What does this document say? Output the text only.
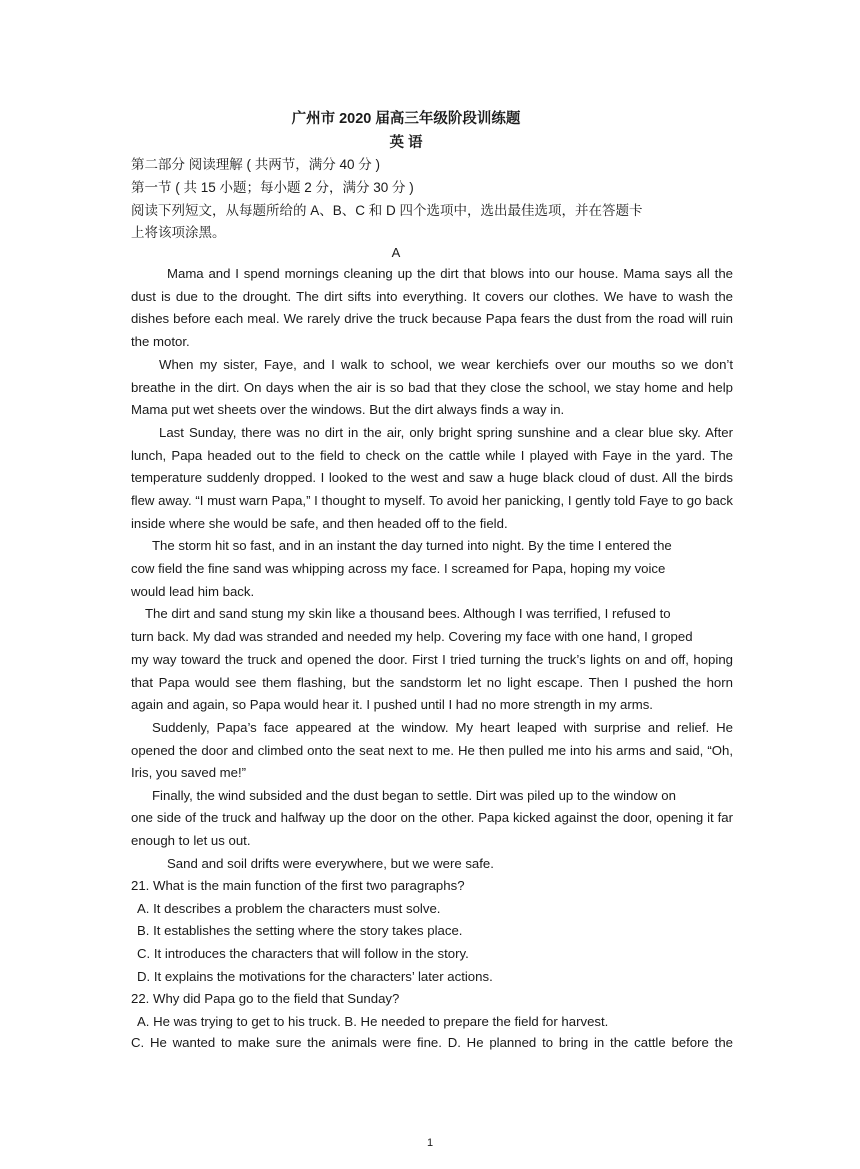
广州市 2020 届高三年级阶段训练题
英 语
第二部分 阅读理解 ( 共两节，满分 40 分 )
第一节 ( 共 15 小题；每小题 2 分，满分 30 分 )
阅读下列短文，从每题所给的 A、B、C 和 D 四个选项中，选出最佳选项，并在答题卡
上将该项涂黑。
A
Mama and I spend mornings cleaning up the dirt that blows into our house. Mama says all the dust is due to the drought. The dirt sifts into everything. It covers our clothes. We have to wash the dishes before each meal. We rarely drive the truck because Papa fears the dust from the road will ruin the motor.
When my sister, Faye, and I walk to school, we wear kerchiefs over our mouths so we don’t breathe in the dirt. On days when the air is so bad that they close the school, we stay home and help Mama put wet sheets over the windows. But the dirt always finds a way in.
Last Sunday, there was no dirt in the air, only bright spring sunshine and a clear blue sky. After lunch, Papa headed out to the field to check on the cattle while I played with Faye in the yard. The temperature suddenly dropped. I looked to the west and saw a huge black cloud of dust. All the birds flew away. “I must warn Papa,” I thought to myself. To avoid her panicking, I gently told Faye to go back inside where she would be safe, and then headed off to the field.
The storm hit so fast, and in an instant the day turned into night. By the time I entered the
cow field the fine sand was whipping across my face. I screamed for Papa, hoping my voice
would lead him back.
The dirt and sand stung my skin like a thousand bees. Although I was terrified, I refused to
turn back. My dad was stranded and needed my help. Covering my face with one hand, I groped
my way toward the truck and opened the door. First I tried turning the truck’s lights on and off, hoping that Papa would see them flashing, but the sandstorm let no light escape. Then I pushed the horn again and again, so Papa would hear it. I pushed until I had no more strength in my arms.
Suddenly, Papa’s face appeared at the window. My heart leaped with surprise and relief. He opened the door and climbed onto the seat next to me. He then pulled me into his arms and said, “Oh, Iris, you saved me!”
Finally, the wind subsided and the dust began to settle. Dirt was piled up to the window on
one side of the truck and halfway up the door on the other. Papa kicked against the door, opening it far enough to let us out.
Sand and soil drifts were everywhere, but we were safe.
21. What is the main function of the first two paragraphs?
A. It describes a problem the characters must solve.
B. It establishes the setting where the story takes place.
C. It introduces the characters that will follow in the story.
D. It explains the motivations for the characters’ later actions.
22. Why did Papa go to the field that Sunday?
A. He was trying to get to his truck. B. He needed to prepare the field for harvest.
C. He wanted to make sure the animals were fine. D. He planned to bring in the cattle before the
1
